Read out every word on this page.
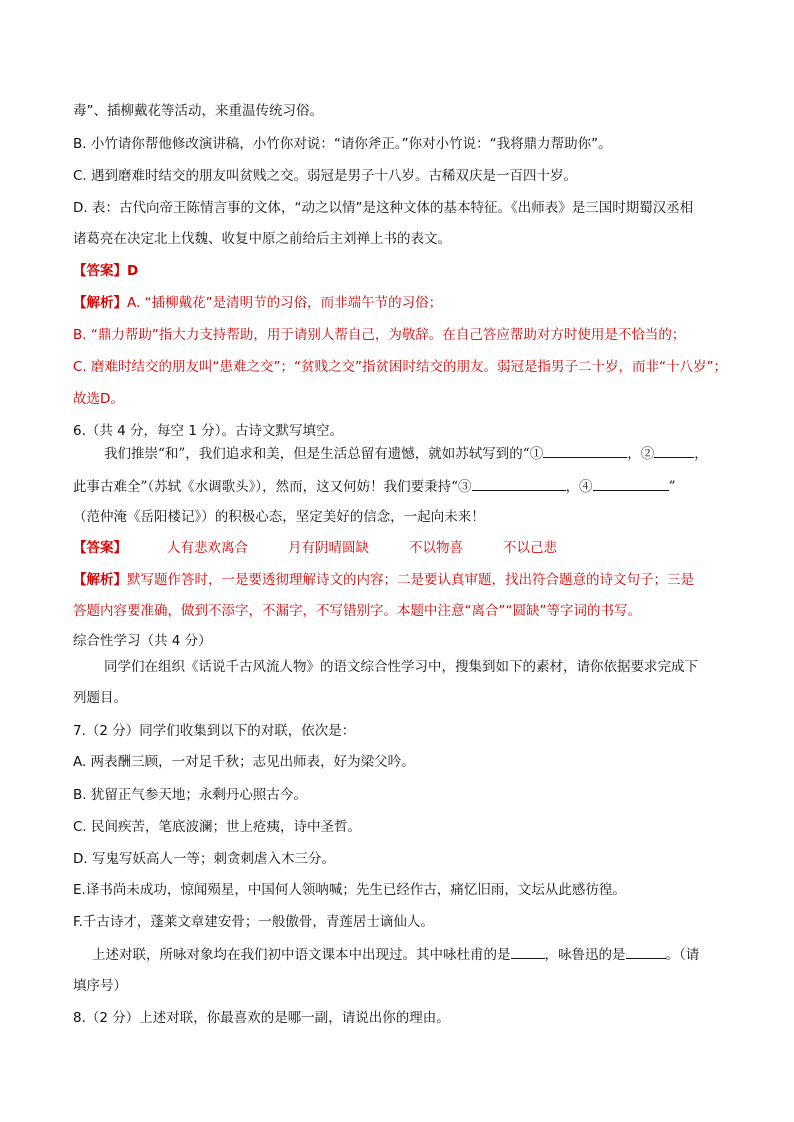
毒”、插柳戴花等活动，来重温传统习俗。
B. 小竹请你帮他修改演讲稿，小竹你对说：“请你斧正。”你对小竹说：“我将鼎力帮助你”。
C. 遇到磨难时结交的朋友叫贫贱之交。弱冠是男子十八岁。古稀双庆是一百四十岁。
D. 表：古代向帝王陈情言事的文体，“动之以情”是这种文体的基本特征。《出师表》是三国时期蜀汉丞相
诸葛亮在决定北上伐魏、收复中原之前给后主刘禅上书的表文。
【答案】D
【解析】A. “插柳戴花”是清明节的习俗，而非端午节的习俗；
B. “鼎力帮助”指大力支持帮助，用于请别人帮自己，为敬辞。在自己答应帮助对方时使用是不恰当的；
C. 磨难时结交的朋友叫“患难之交”；“贫贱之交”指贫困时结交的朋友。弱冠是指男子二十岁，而非“十八岁”；
故选D。
6.（共 4 分，每空 1 分）。古诗文默写填空。
我们推崇“和”，我们追求和美，但是生活总留有遗憾，就如苏轼写到的“①	，②	，
此事古难全”（苏轼《水调歌头》），然而，这又何妨！我们要秉持“③	，④	”
（范仲淹《岳阳楼记》）的积极心态，坚定美好的信念，一起向未来！
【答案】	人有悲欢离合	月有阴晴圆缺	不以物喜	不以己悲
【解析】默写题作答时，一是要透彻理解诗文的内容；二是要认真审题，找出符合题意的诗文句子；三是
答题内容要准确，做到不添字，不漏字，不写错别字。本题中注意“离合”“圆缺”等字词的书写。
综合性学习（共 4 分）
同学们在组织《话说千古风流人物》的语文综合性学习中，搜集到如下的素材，请你依据要求完成下
列题目。
7.（2 分）同学们收集到以下的对联，依次是：
A. 两表酬三顾，一对足千秋；志见出师表，好为梁父吟。
B. 犹留正气参天地；永剩丹心照古今。
C. 民间疾苦，笔底波澜；世上疮痍，诗中圣哲。
D. 写鬼写妖高人一等；刺贪刺虐入木三分。
E.译书尚未成功，惊闻殒星，中国何人领呐喊；先生已经作古，痛忆旧雨，文坛从此感彷徨。
F.千古诗才，蓬莱文章建安骨；一般傲骨，青莲居士谪仙人。
上述对联，所咏对象均在我们初中语文课本中出现过。其中咏杜甫的是	，咏鲁迅的是	。（请
填序号）
8.（2 分）上述对联，你最喜欢的是哪一副，请说出你的理由。
